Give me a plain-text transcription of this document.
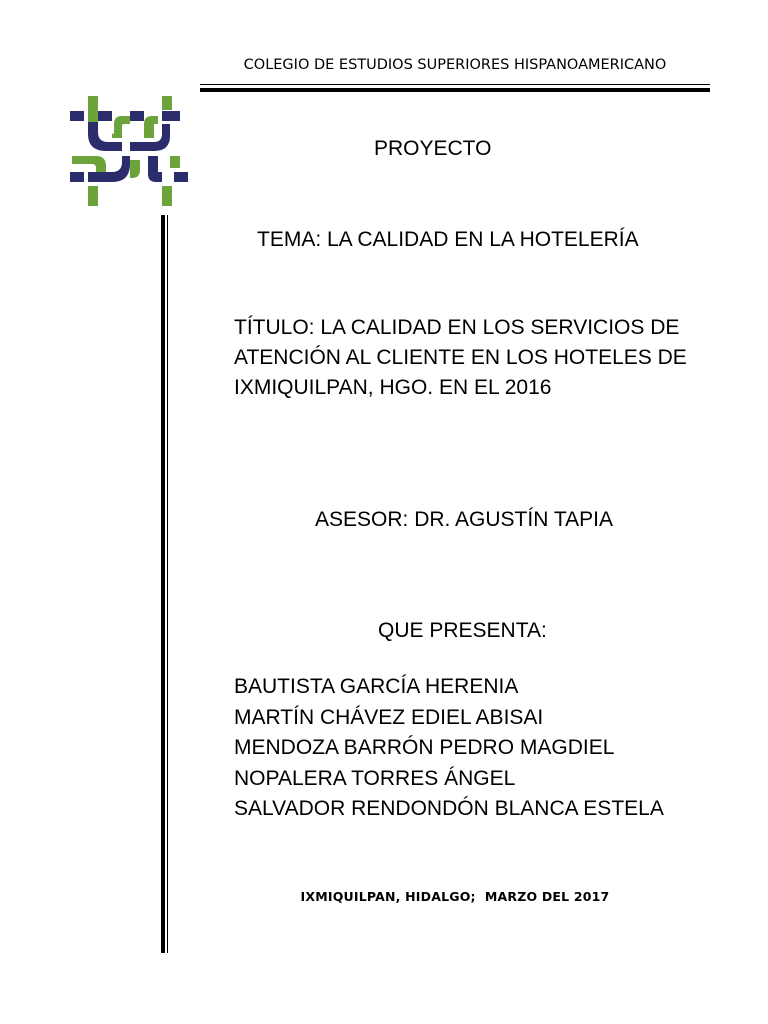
COLEGIO DE ESTUDIOS SUPERIORES HISPANOAMERICANO
PROYECTO
TEMA: LA CALIDAD EN LA HOTELERÍA
TÍTULO: LA CALIDAD EN LOS SERVICIOS DE
ATENCIÓN AL CLIENTE EN LOS HOTELES DE
IXMIQUILPAN, HGO. EN EL 2016
ASESOR: DR. AGUSTÍN TAPIA
QUE PRESENTA:
BAUTISTA GARCÍA HERENIA
MARTÍN CHÁVEZ EDIEL ABISAI
MENDOZA BARRÓN PEDRO MAGDIEL
NOPALERA TORRES ÁNGEL
SALVADOR RENDONDÓN BLANCA ESTELA
IXMIQUILPAN, HIDALGO;  MARZO DEL 2017
